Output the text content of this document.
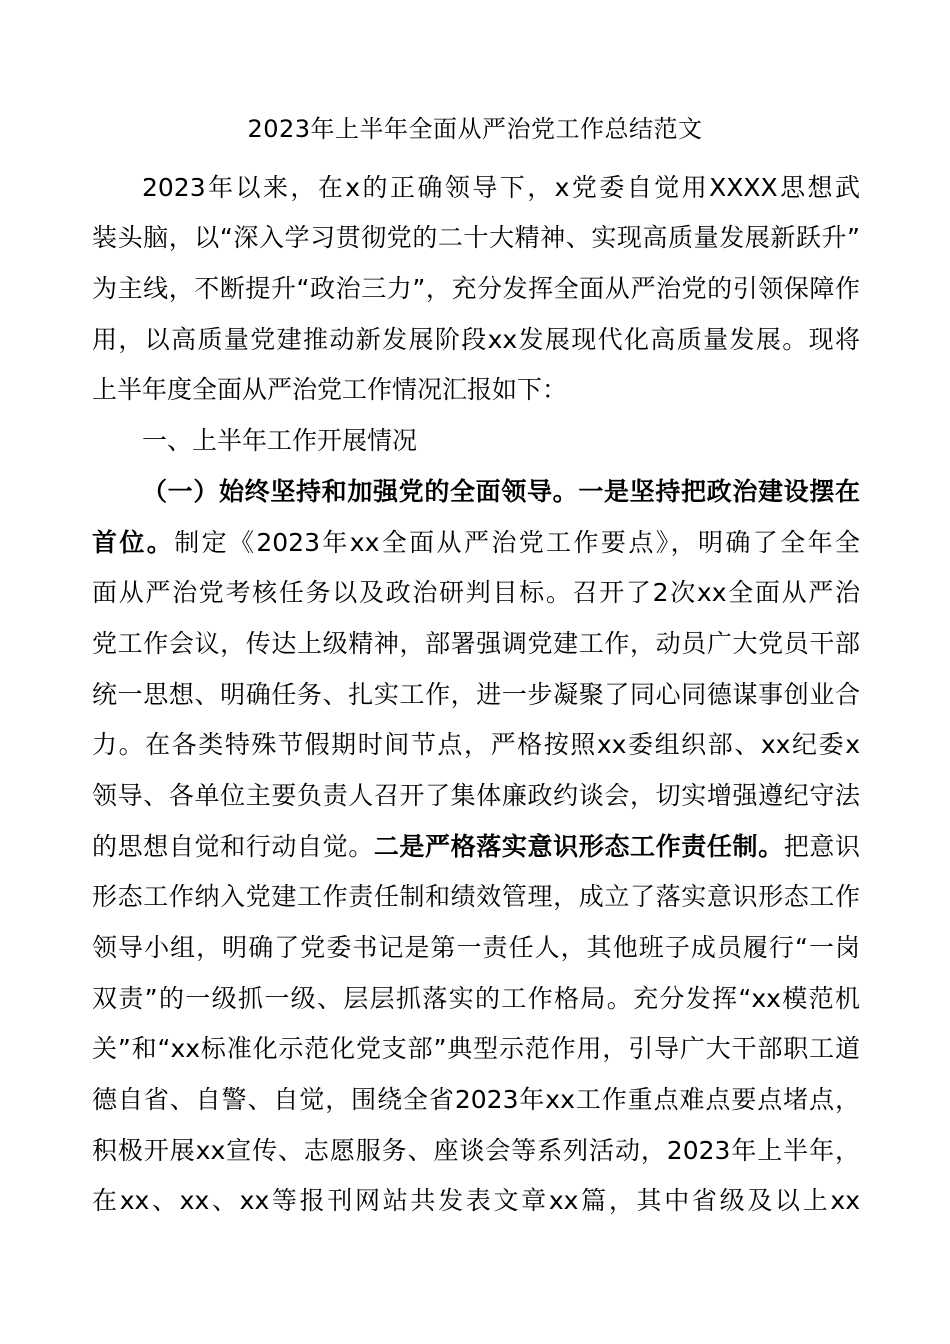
2023年上半年全面从严治党工作总结范文
2023年以来，在x的正确领导下，x党委自觉用XXXX思想武
装头脑，以“深入学习贯彻党的二十大精神、实现高质量发展新跃升”
为主线，不断提升“政治三力”，充分发挥全面从严治党的引领保障作
用，以高质量党建推动新发展阶段xx发展现代化高质量发展。现将
上半年度全面从严治党工作情况汇报如下：
一、上半年工作开展情况
（一）始终坚持和加强党的全面领导。一是坚持把政治建设摆在
首位。制定《2023年xx全面从严治党工作要点》，明确了全年全
面从严治党考核任务以及政治研判目标。召开了2次xx全面从严治
党工作会议，传达上级精神，部署强调党建工作，动员广大党员干部
统一思想、明确任务、扎实工作，进一步凝聚了同心同德谋事创业合
力。在各类特殊节假期时间节点，严格按照xx委组织部、xx纪委x
领导、各单位主要负责人召开了集体廉政约谈会，切实增强遵纪守法
的思想自觉和行动自觉。二是严格落实意识形态工作责任制。把意识
形态工作纳入党建工作责任制和绩效管理，成立了落实意识形态工作
领导小组，明确了党委书记是第一责任人，其他班子成员履行“一岗
双责”的一级抓一级、层层抓落实的工作格局。充分发挥“xx模范机
关”和“xx标准化示范化党支部”典型示范作用，引导广大干部职工道
德自省、自警、自觉，围绕全省2023年xx工作重点难点要点堵点，
积极开展xx宣传、志愿服务、座谈会等系列活动，2023年上半年，
在xx、xx、xx等报刊网站共发表文章xx篇，其中省级及以上xx
